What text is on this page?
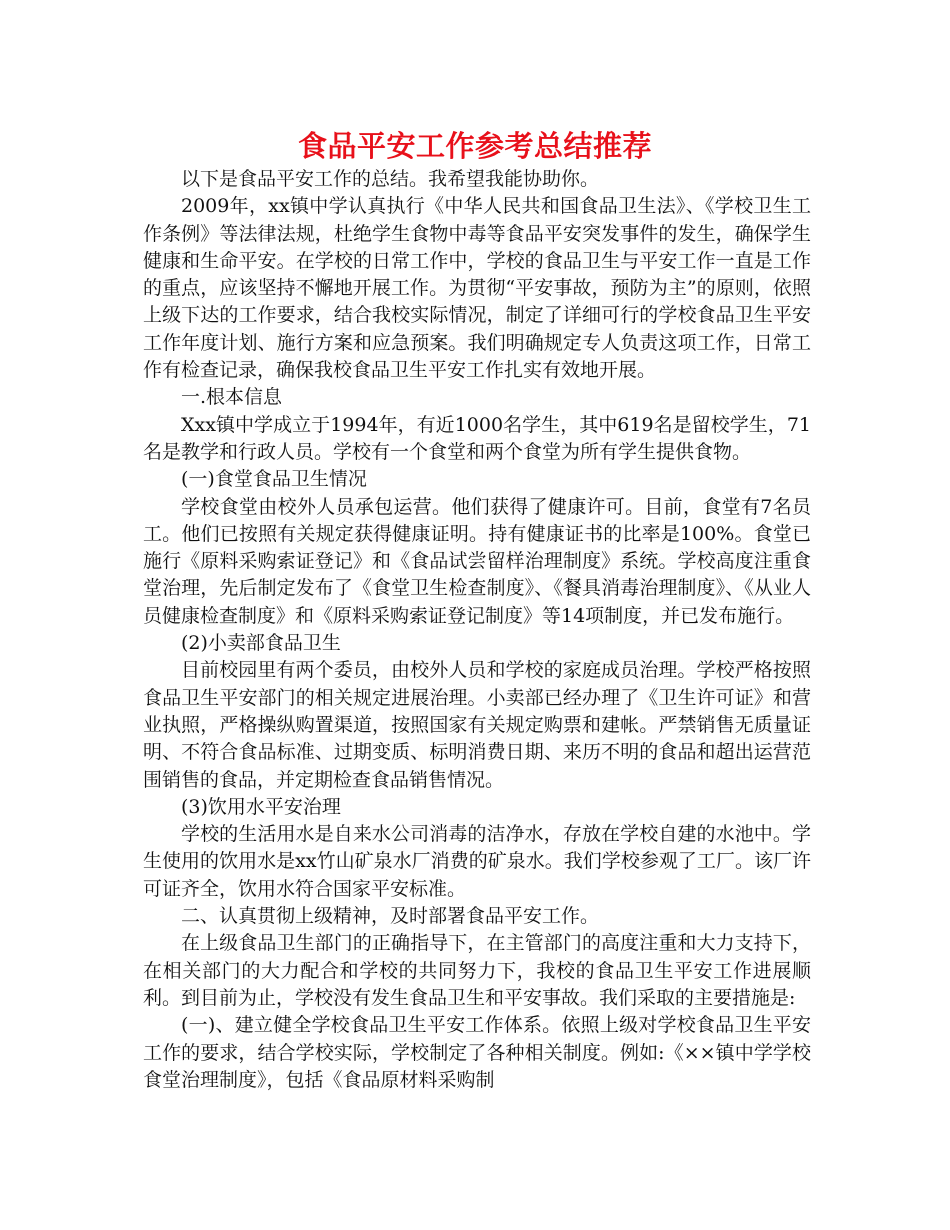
食品平安工作参考总结推荐

以下是食品平安工作的总结。我希望我能协助你。

2009年，xx镇中学认真执行《中华人民共和国食品卫生法》、《学校卫生工作条例》等法律法规，杜绝学生食物中毒等食品平安突发事件的发生，确保学生健康和生命平安。在学校的日常工作中，学校的食品卫生与平安工作一直是工作的重点，应该坚持不懈地开展工作。为贯彻“平安事故，预防为主”的原则，依照上级下达的工作要求，结合我校实际情况，制定了详细可行的学校食品卫生平安工作年度计划、施行方案和应急预案。我们明确规定专人负责这项工作，日常工作有检查记录，确保我校食品卫生平安工作扎实有效地开展。

一.根本信息

Xxx镇中学成立于1994年，有近1000名学生，其中619名是留校学生，71名是教学和行政人员。学校有一个食堂和两个食堂为所有学生提供食物。

(一)食堂食品卫生情况

学校食堂由校外人员承包运营。他们获得了健康许可。目前，食堂有7名员工。他们已按照有关规定获得健康证明。持有健康证书的比率是100%。食堂已施行《原料采购索证登记》和《食品试尝留样治理制度》系统。学校高度注重食堂治理，先后制定发布了《食堂卫生检查制度》、《餐具消毒治理制度》、《从业人员健康检查制度》和《原料采购索证登记制度》等14项制度，并已发布施行。

(2)小卖部食品卫生

目前校园里有两个委员，由校外人员和学校的家庭成员治理。学校严格按照食品卫生平安部门的相关规定进展治理。小卖部已经办理了《卫生许可证》和营业执照，严格操纵购置渠道，按照国家有关规定购票和建帐。严禁销售无质量证明、不符合食品标准、过期变质、标明消费日期、来历不明的食品和超出运营范围销售的食品，并定期检查食品销售情况。

(3)饮用水平安治理

学校的生活用水是自来水公司消毒的洁净水，存放在学校自建的水池中。学生使用的饮用水是xx竹山矿泉水厂消费的矿泉水。我们学校参观了工厂。该厂许可证齐全，饮用水符合国家平安标准。

二、认真贯彻上级精神，及时部署食品平安工作。

在上级食品卫生部门的正确指导下，在主管部门的高度注重和大力支持下，在相关部门的大力配合和学校的共同努力下，我校的食品卫生平安工作进展顺利。到目前为止，学校没有发生食品卫生和平安事故。我们采取的主要措施是:

(一)、建立健全学校食品卫生平安工作体系。依照上级对学校食品卫生平安工作的要求，结合学校实际，学校制定了各种相关制度。例如:《××镇中学学校食堂治理制度》，包括《食品原材料采购制
